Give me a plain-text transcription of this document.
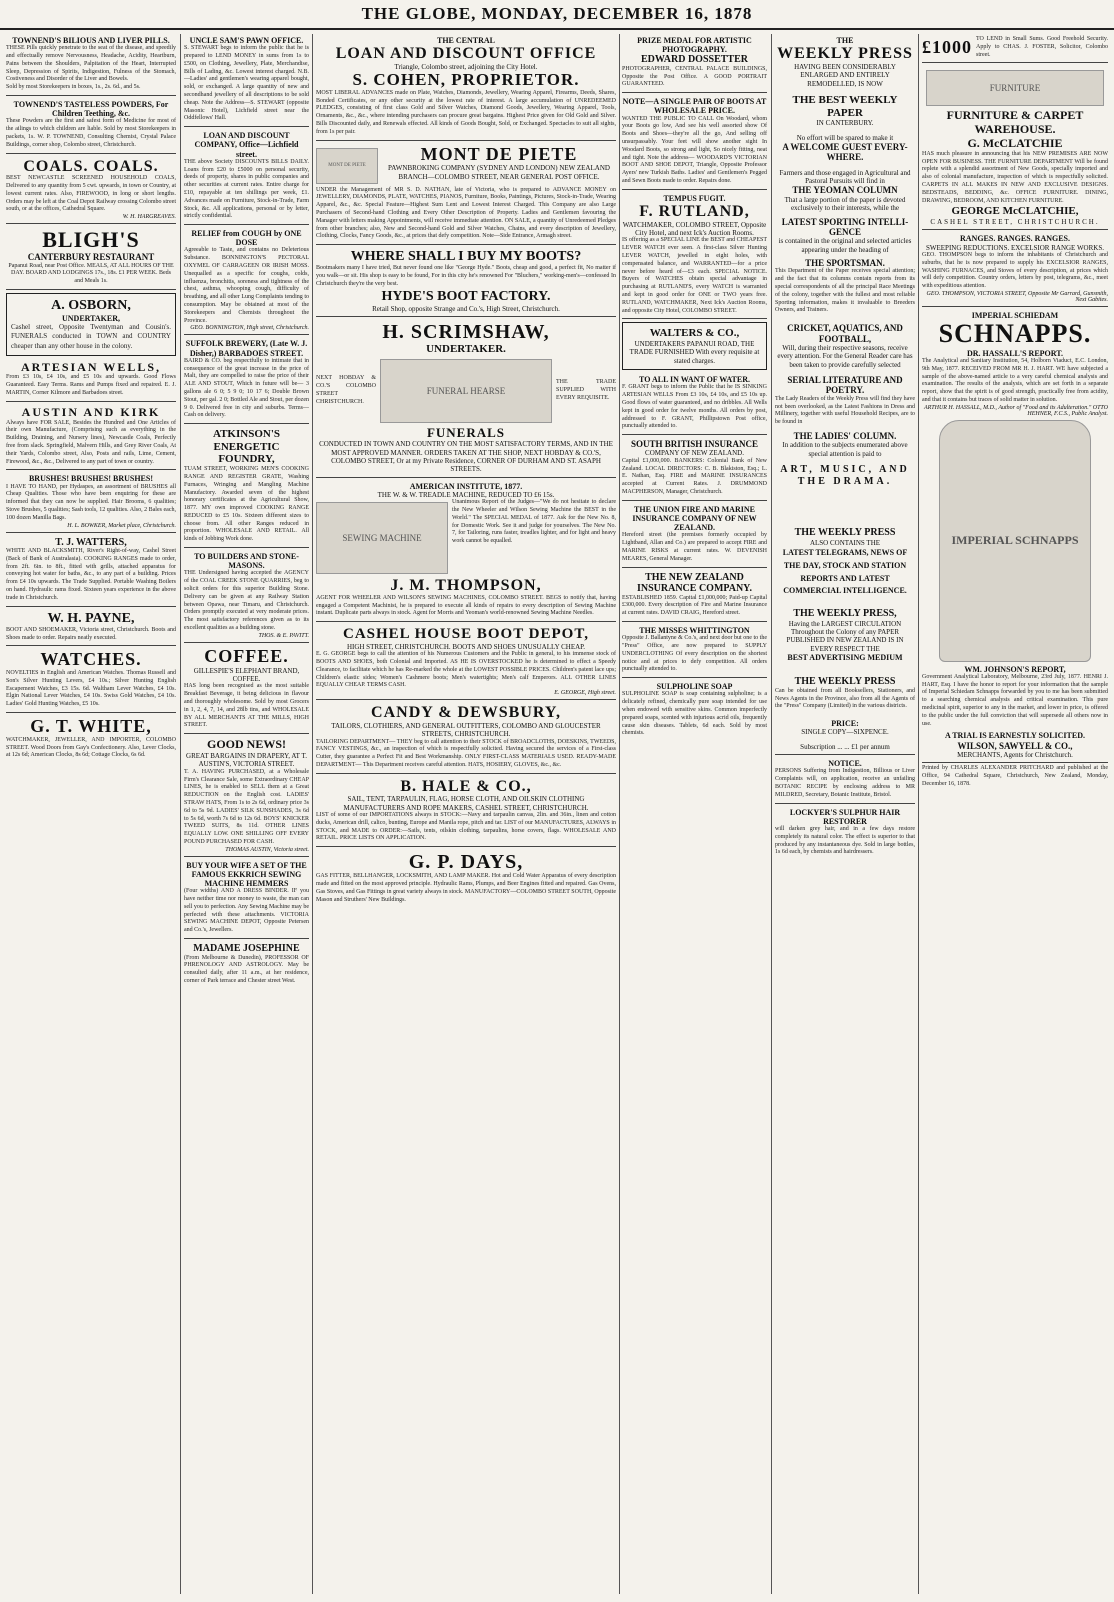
THE GLOBE, MONDAY, DECEMBER 16, 1878
TOWNEND'S BILIOUS AND LIVER PILLS.
THESE Pills quickly penetrate to the seat of the disease, and speedily and effectually remove Nervousness, Headache, Acidity, Heartburn, Pains between the Shoulders, Palpitation of the Heart, Interrupted Sleep, Depression of Spirits, Indigestion, Fulness of the Stomach, Costiveness and Disorder of the Liver and Bowels.
Sold by most Storekeepers in boxes, 1s., 2s. 6d., and 5s.
TOWNEND'S TASTELESS POWDERS, For Children Teething, &c.
These Powders are the first and safest form of Medicine for most of the ailings to which children are liable. Sold by most Storekeepers in packets, 1s. W. P. TOWNEND, Consulting Chemist, Crystal Palace Buildings, corner shop, Colombo street, Christchurch.
COALS. COALS.
BEST NEWCASTLE SCREENED HOUSEHOLD COALS, Delivered to any quantity from 5 cwt. upwards, in town or Country, at lowest current rates. Also, FIREWOOD, in long or short lengths. Orders may be left at the Coal Depot Railway crossing Colombo street south, or at the offices, Cathedral Square.
W. H. HARGREAVES.
BLIGH'S
CANTERBURY RESTAURANT
Papanui Road, near Post Office. MEALS, AT ALL HOURS OF THE DAY. BOARD AND LODGINGS 17s., 18s. £1 PER WEEK. Beds and Meals 1s.
A. OSBORN,
UNDERTAKER,
Cashel street, Opposite Twentyman and Cousin's. FUNERALS conducted in TOWN and COUNTRY cheaper than any other house in the colony.
ARTESIAN WELLS,
From £3 10s, £4 10s, and £5 10s and upwards. Good Flows Guaranteed. Easy Terms. Rams and Pumps fixed and repaired. E. J. MARTIN, Corner Kilmore and Barbadoes street.
AUSTIN AND KIRK
Always have FOR SALE, Besides the Hundred and One Articles of their own Manufacture, (Comprising such as everything in the Building, Draining, and Nursery lines), Newcastle Coals, Perfectly free from slack. Springfield, Malvern Hills, and Grey River Coals, At their Yards, Colombo street, Also, Posts and rails, Lime, Cement, Firewood, &c., &c., Delivered to any part of town or country.
BRUSHES! BRUSHES! BRUSHES!
I HAVE TO HAND, per Hydaspes, an assortment of BRUSHES all Cheap Qualities. Those who have been enquiring for these are informed that they can now be supplied. Hair Brooms, 6 qualities; Stove Brushes, 5 qualities; Sash tools, 12 qualities. Also, 2 Bales each, 100 dozen Manilla Bags.
H. L. BOWKER, Market place, Christchurch.
T. J. WATTERS,
WHITE AND BLACKSMITH, River's Right-of-way, Cashel Street (Back of Bank of Australasia). COOKING RANGES made to order, from 2ft. 6in. to 8ft., fitted with grills, attached apparatus for conveying hot water for baths, &c., to any part of a building. Prices from £4 10s upwards. The Trade Supplied. Portable Washing Boilers on hand. Hydraulic rams fixed. Sixteen years experience in the above trade in Christchurch.
W. H. PAYNE,
BOOT AND SHOEMAKER, Victoria street, Christchurch. Boots and Shoes made to order. Repairs neatly executed.
WATCHES.
NOVELTIES in English and American Watches. Thomas Russell and Son's Silver Hunting Levers, £4 10s.; Silver Hunting English Escapement Watches, £3 15s. 6d. Waltham Lever Watches, £4 10s. Elgin National Lever Watches, £4 10s. Swiss Gold Watches, £4 10s. Ladies' Gold Hunting Watches, £5 10s.
G. T. WHITE,
WATCHMAKER, JEWELLER, AND IMPORTER, COLOMBO STREET. Wood Doors from Gay's Confectionery. Also, Lever Clocks, at 12s 6d; American Clocks, 8s 6d; Cottage Clocks, 6s 6d.
UNCLE SAM'S PAWN OFFICE.
S. STEWART begs to inform the public that he is prepared to LEND MONEY in sums from 1s to £500, on Clothing, Jewellery, Plate, Merchandise, Bills of Lading, &c. Lowest interest charged. N.B.—Ladies' and gentlemen's wearing apparel bought, sold, or exchanged. A large quantity of new and secondhand jewellery of all descriptions to be sold cheap. Note the Address—S. STEWART (opposite Masonic Hotel), Lichfield street near the Oddfellows' Hall.
LOAN AND DISCOUNT COMPANY, Office—Lichfield street.
THE above Society DISCOUNTS BILLS DAILY. Loans from £20 to £5000 on personal security, deeds of property, shares in public companies and other securities at current rates. Entire charge for £10, repayable at ten shillings per week, £1. Advances made on Furniture, Stock-in-Trade, Farm Stock, &c. All applications, personal or by letter, strictly confidential.
RELIEF from COUGH by ONE DOSE
Agreeable to Taste, and contains no Deleterious Substance. BONNINGTON'S PECTORAL OXYMEL OF CARRAGEEN OR IRISH MOSS. Unequalled as a specific for coughs, colds, influenza, bronchitis, soreness and tightness of the chest, asthma, whooping cough, difficulty of breathing, and all other Lung Complaints tending to consumption. May be obtained at most of the Storekeepers and Chemists throughout the Province.
GEO. BONNINGTON, High street, Christchurch.
SUFFOLK BREWERY, (Late W. J. Disher,) BARBADOES STREET.
BAIRD & CO. beg respectfully to intimate that in consequence of the great increase in the price of Malt, they are compelled to raise the price of their ALE AND STOUT, Which in future will be— 3 gallons ale 6 0; 5 9 0; 10 17 6; Double Brown Stout, per gal. 2 0; Bottled Ale and Stout, per dozen 9 0. Delivered free in city and suburbs. Terms—Cash on delivery.
ATKINSON'S ENERGETIC FOUNDRY,
TUAM STREET, WORKING MEN'S COOKING RANGE AND REGISTER GRATE, Washing Furnaces, Wringing and Mangling Machine Manufactory. Awarded seven of the highest honorary certificates at the Agricultural Show, 1877. MY own improved COOKING RANGE REDUCED to £5 10s. Sixteen different sizes to choose from. All other Ranges reduced in proportion. WHOLESALE AND RETAIL. All kinds of Jobbing Work done.
TO BUILDERS AND STONE-MASONS.
THE Undersigned having accepted the AGENCY of the COAL CREEK STONE QUARRIES, beg to solicit orders for this superior Building Stone. Delivery can be given at any Railway Station between Opawa, near Timaru, and Christchurch. Orders promptly executed at very moderate prices. The most satisfactory references given as to its excellent qualities as a building stone.
THOS. & E. PAVITT.
COFFEE.
GILLESPIE'S ELEPHANT BRAND, COFFEE.
HAS long been recognised as the most suitable Breakfast Beverage, it being delicious in flavour and thoroughly wholesome. Sold by most Grocers in 1, 2, 4, 7, 14, and 28lb tins, and WHOLESALE BY ALL MERCHANTS AT THE MILLS, HIGH STREET.
GOOD NEWS!
GREAT BARGAINS IN DRAPERY, AT T. AUSTIN'S, VICTORIA STREET.
T. A. HAVING PURCHASED, at a Wholesale Firm's Clearance Sale, some Extraordinary CHEAP LINES, he is enabled to SELL them at a Great REDUCTION on the English cost. LADIES' STRAW HATS, From 1s to 2s 6d, ordinary price 3s 6d to 5s 9d. LADIES' SILK SUNSHADES, 3s 6d to 5s 6d, worth 7s 6d to 12s 6d. BOYS' KNICKER TWEED SUITS, 8s 11d. OTHER LINES EQUALLY LOW. ONE SHILLING OFF EVERY POUND PURCHASED FOR CASH.
THOMAS AUSTIN, Victoria street.
BUY YOUR WIFE A SET OF THE FAMOUS EKKRICH SEWING MACHINE HEMMERS
(Four widths) AND A DRESS BINDER. IF you have neither time nor money to waste, the man can sell you to perfection. Any Sewing Machine may be perfected with these attachments. VICTORIA SEWING MACHINE DEPOT, Opposite Petersen and Co.'s, Jewellers.
MADAME JOSEPHINE
(From Melbourne & Dunedin), PROFESSOR OF PHRENOLOGY AND ASTROLOGY. May be consulted daily, after 11 a.m., at her residence, corner of Park terrace and Chester street West.
THE CENTRAL
LOAN AND DISCOUNT OFFICE
Triangle, Colombo street, adjoining the City Hotel.
S. COHEN, PROPRIETOR.
MOST LIBERAL ADVANCES made on Plate, Watches, Diamonds, Jewellery, Wearing Apparel, Firearms, Deeds, Shares, Bonded Certificates, or any other security at the lowest rate of interest. A large accumulation of UNREDEEMED PLEDGES, consisting of first class Gold and Silver Watches, Diamond Goods, Jewellery, Wearing Apparel, Tools, Ornaments, &c., &c., where intending purchasers can procure great bargains. Highest Price given for Old Gold and Silver. Bills Discounted daily, and Renewals effected. All kinds of Goods Bought, Sold, or Exchanged. Spectacles to suit all sights, from 1s per pair.
MONT DE PIETE
MONT DE PIETE
PAWNBROKING COMPANY (SYDNEY AND LONDON) NEW ZEALAND BRANCH—COLOMBO STREET, NEAR GENERAL POST OFFICE.
UNDER the Management of MR S. D. NATHAN, late of Victoria, who is prepared to ADVANCE MONEY on JEWELLERY, DIAMONDS, PLATE, WATCHES, PIANOS, Furniture, Books, Paintings, Pictures, Stock-in-Trade, Wearing Apparel, &c., &c. Special Feature—Highest Sum Lent and Lowest Interest Charged. This Company are also Large Purchasers of Second-hand Clothing and Every Other Description of Property. Ladies and Gentlemen favouring the Manager with letters making Appointments, will receive immediate attention. ON SALE, a quantity of Unredeemed Pledges from other branches; also, New and Second-hand Gold and Silver Watches, Chains, and every description of Jewellery, Clothing, Clocks, Fancy Goods, &c., at prices that defy competition. Note—Side Entrance, Armagh street.
WHERE SHALL I BUY MY BOOTS?
Bootmakers many I have tried, But never found one like "George Hyde." Boots, cheap and good, a perfect fit, No matter if you walk—or sit. His shop is easy to be found, For in this city he's renowned For "Bluchers," working-men's—confessed In Christchurch they're the very best.
HYDE'S BOOT FACTORY.
Retail Shop, opposite Strange and Co.'s, High Street, Christchurch.
H. SCRIMSHAW,
UNDERTAKER.
NEXT HOBDAY & CO.'S COLOMBO STREET CHRISTCHURCH.
FUNERAL HEARSE
THE TRADE SUPPLIED WITH EVERY REQUISITE.
FUNERALS
CONDUCTED IN TOWN AND COUNTRY ON THE MOST SATISFACTORY TERMS, AND IN THE MOST APPROVED MANNER. ORDERS TAKEN AT THE SHOP, NEXT HOBDAY & CO.'S, COLOMBO STREET, Or at my Private Residence, CORNER OF DURHAM AND ST. ASAPH STREETS.
AMERICAN INSTITUTE, 1877.
THE W. & W. TREADLE MACHINE, REDUCED TO £6 15s.
SEWING MACHINE
Unanimous Report of the Judges—"We do not hesitate to declare the New Wheeler and Wilson Sewing Machine the BEST in the World." The SPECIAL MEDAL of 1877. Ask for the New No. 8, for Domestic Work. See it and judge for yourselves. The New No. 7, for Tailoring, runs faster, treadles lighter, and for light and heavy work cannot be equalled.
J. M. THOMPSON,
AGENT FOR WHEELER AND WILSON'S SEWING MACHINES, COLOMBO STREET. BEGS to notify that, having engaged a Competent Machinist, he is prepared to execute all kinds of repairs to every description of Sewing Machine instant. Duplicate parts always in stock. Agent for Morris and Yeoman's world-renowned Sewing Machine Needles.
CASHEL HOUSE BOOT DEPOT,
HIGH STREET, CHRISTCHURCH. BOOTS AND SHOES UNUSUALLY CHEAP.
E. G. GEORGE begs to call the attention of his Numerous Customers and the Public in general, to his immense stock of BOOTS AND SHOES, both Colonial and Imported. AS HE IS OVERSTOCKED he is determined to effect a Speedy Clearance, to facilitate which he has Re-marked the whole at the LOWEST POSSIBLE PRICES. Children's patent lace ups; Children's elastic sides; Women's Cashmere boots; Men's watertights; Men's calf Emperors. ALL OTHER LINES EQUALLY CHEAP. TERMS CASH.
E. GEORGE, High street.
CANDY & DEWSBURY,
TAILORS, CLOTHIERS, AND GENERAL OUTFITTERS, COLOMBO AND GLOUCESTER STREETS, CHRISTCHURCH.
TAILORING DEPARTMENT— THEY beg to call attention to their STOCK of BROADCLOTHS, DOESKINS, TWEEDS, FANCY VESTINGS, &c., an inspection of which is respectfully solicited. Having secured the services of a First-class Cutter, they guarantee a Perfect Fit and Best Workmanship. ONLY FIRST-CLASS MATERIALS USED. READY-MADE DEPARTMENT— This Department receives careful attention. HATS, HOSIERY, GLOVES, &c., &c.
B. HALE & CO.,
SAIL, TENT, TARPAULIN, FLAG, HORSE CLOTH, AND OILSKIN CLOTHING MANUFACTURERS AND ROPE MAKERS, CASHEL STREET, CHRISTCHURCH.
LIST of some of our IMPORTATIONS always in STOCK:—Navy and tarpaulin canvas, 2lin. and 36in., linen and cotton ducks, American drill, calico, bunting, Europe and Manila rope, pitch and tar. LIST of our MANUFACTURES, ALWAYS in STOCK, and MADE to ORDER:—Sails, tents, oilskin clothing, tarpaulins, horse covers, flags. WHOLESALE AND RETAIL. PRICE LISTS ON APPLICATION.
G. P. DAYS,
GAS FITTER, BELLHANGER, LOCKSMITH, AND LAMP MAKER. Hot and Cold Water Apparatus of every description made and fitted on the most approved principle. Hydraulic Rams, Plumps, and Beer Engines fitted and repaired. Gas Ovens, Gas Stoves, and Gas Fittings in great variety always in stock. MANUFACTORY—COLOMBO STREET SOUTH, Opposite Mason and Struthers' New Buildings.
PRIZE MEDAL FOR ARTISTIC PHOTOGRAPHY.
EDWARD DOSSETTER
PHOTOGRAPHER, CENTRAL PALACE BUILDINGS, Opposite the Post Office. A GOOD PORTRAIT GUARANTEED.
NOTE—A SINGLE PAIR OF BOOTS AT WHOLESALE PRICE.
WANTED THE PUBLIC TO CALL On Woodard, whom your Boots go low, And see his well assorted show Of Boots and Shoes—they're all the go, And selling off unsurpassably. Your feet will show another sight In Woodard Boots, so strong and light, So nicely fitting, neat and tight. Note the address— WOODARD'S VICTORIAN BOOT AND SHOE DEPOT, Triangle, Opposite Professor Ayers' new Turkish Baths. Ladies' and Gentlemen's Pegged and Sewn Boots made to order. Repairs done.
TEMPUS FUGIT.
F. RUTLAND,
WATCHMAKER, COLOMBO STREET, Opposite City Hotel, and next Ick's Auction Rooms.
IS offering as a SPECIAL LINE the BEST and CHEAPEST LEVER WATCH ever seen. A first-class Silver Hunting LEVER WATCH, jewelled in eight holes, with compensated balance, and WARRANTED—for a price never before heard of—£3 each. SPECIAL NOTICE. Buyers of WATCHES obtain special advantage in purchasing at RUTLAND'S, every WATCH is warranted and kept in good order for ONE or TWO years free. RUTLAND, WATCHMAKER, Next Ick's Auction Rooms, and opposite City Hotel, COLOMBO STREET.
WALTERS & CO.,
UNDERTAKERS PAPANUI ROAD, THE TRADE FURNISHED With every requisite at stated charges.
TO ALL IN WANT OF WATER.
F. GRANT begs to inform the Public that he IS SINKING ARTESIAN WELLS From £3 10s, £4 10s, and £5 10s up. Good flows of water guaranteed, and no dribbles. All Wells kept in good order for twelve months. All orders by post, addressed to F. GRANT, Phillipstown Post office, punctually attended to.
SOUTH BRITISH INSURANCE
COMPANY OF NEW ZEALAND.
Capital £1,000,000. BANKERS: Colonial Bank of New Zealand. LOCAL DIRECTORS: C. B. Blakiston, Esq.; L. E. Nathan, Esq. FIRE and MARINE INSURANCES accepted at Current Rates. J. DRUMMOND MACPHERSON, Manager, Christchurch.
THE UNION FIRE AND MARINE INSURANCE COMPANY OF NEW ZEALAND.
Hereford street (the premises formerly occupied by Lightband, Allan and Co.) are prepared to accept FIRE and MARINE RISKS at current rates. W. DEVENISH MEARES, General Manager.
THE NEW ZEALAND INSURANCE COMPANY.
ESTABLISHED 1859. Capital £1,000,000; Paid-up Capital £300,000. Every description of Fire and Marine Insurance at current rates. DAVID CRAIG, Hereford street.
THE MISSES WHITTINGTON
Opposite J. Ballantyne & Co.'s, and next door but one to the "Press" Office, are now prepared to SUPPLY UNDERCLOTHING Of every description on the shortest notice and at prices to defy competition. All orders punctually attended to.
SULPHOLINE SOAP
SULPHOLINE SOAP is soap containing sulpholine; is a delicately refined, chemically pure soap intended for use when endowed with sensitive skins. Common imperfectly prepared soaps, scented with injurious acrid oils, frequently cause skin diseases. Tablets, 6d each. Sold by most chemists.
THE
WEEKLY PRESS
HAVING BEEN CONSIDERABLY ENLARGED AND ENTIRELY REMODELLED, IS NOW
THE BEST WEEKLY PAPER
IN CANTERBURY.
No effort will be spared to make it
A WELCOME GUEST EVERY-WHERE.
Farmers and those engaged in Agricultural and Pastoral Pursuits will find in
THE YEOMAN COLUMN
That a large portion of the paper is devoted exclusively to their interests, while the
LATEST SPORTING INTELLI-GENCE
is contained in the original and selected articles appearing under the heading of
THE SPORTSMAN.
This Department of the Paper receives special attention; and the fact that its columns contain reports from its special correspondents of all the principal Race Meetings of the colony, together with the fullest and most reliable Sporting information, makes it invaluable to Breeders Owners, and Trainers.
CRICKET, AQUATICS, AND FOOTBALL,
Will, during their respective seasons, receive every attention. For the General Reader care has been taken to provide carefully selected
SERIAL LITERATURE AND POETRY.
The Lady Readers of the Weekly Press will find they have not been overlooked, as the Latest Fashions in Dress and Millinery, together with useful Household Recipes, are to be found in
THE LADIES' COLUMN.
In addition to the subjects enumerated above special attention is paid to
ART, MUSIC, AND THE DRAMA.
THE WEEKLY PRESS
ALSO CONTAINS THE
LATEST TELEGRAMS, NEWS OF THE DAY, STOCK AND STATION REPORTS AND LATEST COMMERCIAL INTELLIGENCE.
THE WEEKLY PRESS,
Having the LARGEST CIRCULATION Throughout the Colony of any PAPER PUBLISHED IN NEW ZEALAND IS IN EVERY RESPECT THE
BEST ADVERTISING MEDIUM
THE WEEKLY PRESS
Can be obtained from all Booksellers, Stationers, and News Agents in the Province, also from all the Agents of the "Press" Company (Limited) in the various districts.
PRICE:
SINGLE COPY—SIXPENCE.
Subscription ... ... £1 per annum
NOTICE.
PERSONS Suffering from Indigestion, Billious or Liver Complaints will, on application, receive an unfailing BOTANIC RECIPE by enclosing address to MR MILDRED, Secretary, Botanic Institute, Bristol.
LOCKYER'S SULPHUR HAIR RESTORER
will darken grey hair, and in a few days restore completely its natural color. The effect is superior to that produced by any instantaneous dye. Sold in large bottles, 1s 6d each, by chemists and hairdressers.
£1000 TO LEND in Small Sums. Good Freehold Security. Apply to CHAS. J. FOSTER, Solicitor, Colombo street.
FURNITURE
FURNITURE & CARPET WAREHOUSE.
G. McCLATCHIE
HAS much pleasure in announcing that his NEW PREMISES ARE NOW OPEN FOR BUSINESS. THE FURNITURE DEPARTMENT Will be found replete with a splendid assortment of New Goods, specially imported and also of colonial manufacture, inspection of which is respectfully solicited. CARPETS IN ALL MAKES IN NEW AND EXCLUSIVE DESIGNS. BEDSTEADS, BEDDING, &c. OFFICE FURNITURE. DINING, DRAWING, BEDROOM, AND KITCHEN FURNITURE.
GEORGE McCLATCHIE,
CASHEL STREET, CHRISTCHURCH.
RANGES. RANGES. RANGES.
SWEEPING REDUCTIONS. EXCELSIOR RANGE WORKS.
GEO. THOMPSON begs to inform the inhabitants of Christchurch and suburbs, that he is now prepared to supply his EXCELSIOR RANGES, WASHING FURNACES, and Stoves of every description, at prices which will defy competition. Country orders, letters by post, telegrams, &c., meet with expeditious attention.
GEO. THOMPSON, VICTORIA STREET, Opposite Mr Garrard, Gunsmith, Next Gabites.
IMPERIAL SCHIEDAM
SCHNAPPS.
DR. HASSALL'S REPORT.
The Analytical and Sanitary Institution, 54, Holborn Viaduct, E.C. London, 9th May, 1877. RECEIVED FROM MR H. J. HART. WE have subjected a sample of the above-named article to a very careful chemical analysis and examination. The results of the analysis, which are set forth in a separate report, show that the spirit is of good strength, practically free from acidity, and that it contains but traces of solid matter in solution.
ARTHUR H. HASSALL, M.D., Author of "Food and its Adulteration." OTTO HEHNER, F.C.S., Public Analyst.
IMPERIAL SCHNAPPS
WM. JOHNSON'S REPORT,
Government Analytical Laboratory, Melbourne, 23rd July, 1877. HENRI J. HART, Esq. I have the honor to report for your information that the sample of Imperial Schiedam Schnapps forwarded by you to me has been submitted to a searching chemical analysis and critical examination. This pure medicinal spirit, superior to any in the market, and lower in price, is offered to the public under the full conviction that will supersede all others now in use.
A TRIAL IS EARNESTLY SOLICITED.
WILSON, SAWYELL & CO.,
MERCHANTS, Agents for Christchurch.
Printed by CHARLES ALEXANDER PRITCHARD and published at the Office, 94 Cathedral Square, Christchurch, New Zealand, Monday, December 16, 1878.
